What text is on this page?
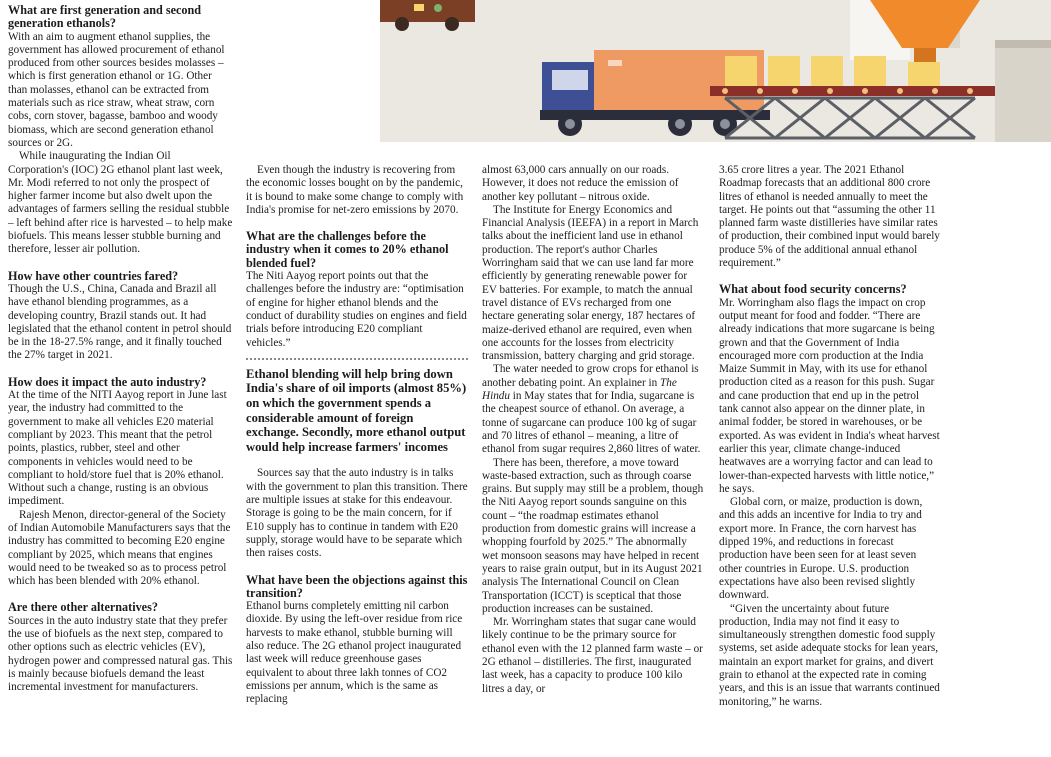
What are first generation and second generation ethanols?

With an aim to augment ethanol supplies, the government has allowed procurement of ethanol produced from other sources besides molasses – which is first generation ethanol or 1G. Other than molasses, ethanol can be extracted from materials such as rice straw, wheat straw, corn cobs, corn stover, bagasse, bamboo and woody biomass, which are second generation ethanol sources or 2G.

While inaugurating the Indian Oil Corporation's (IOC) 2G ethanol plant last week, Mr. Modi referred to not only the prospect of higher farmer income but also dwelt upon the advantages of farmers selling the residual stubble – left behind after rice is harvested – to help make biofuels. This means lesser stubble burning and therefore, lesser air pollution.

How have other countries fared?

Though the U.S., China, Canada and Brazil all have ethanol blending programmes, as a developing country, Brazil stands out. It had legislated that the ethanol content in petrol should be in the 18-27.5% range, and it finally touched the 27% target in 2021.

How does it impact the auto industry?

At the time of the NITI Aayog report in June last year, the industry had committed to the government to make all vehicles E20 material compliant by 2023. This meant that the petrol points, plastics, rubber, steel and other components in vehicles would need to be compliant to hold/store fuel that is 20% ethanol. Without such a change, rusting is an obvious impediment.

Rajesh Menon, director-general of the Society of Indian Automobile Manufacturers says that the industry has committed to becoming E20 engine compliant by 2025, which means that engines would need to be tweaked so as to process petrol which has been blended with 20% ethanol.

Are there other alternatives?

Sources in the auto industry state that they prefer the use of biofuels as the next step, compared to other options such as electric vehicles (EV), hydrogen power and compressed natural gas. This is mainly because biofuels demand the least incremental investment for manufacturers.

Even though the industry is recovering from the economic losses bought on by the pandemic, it is bound to make some change to comply with India's promise for net-zero emissions by 2070.

What are the challenges before the industry when it comes to 20% ethanol blended fuel?

The Niti Aayog report points out that the challenges before the industry are: “optimisation of engine for higher ethanol blends and the conduct of durability studies on engines and field trials before introducing E20 compliant vehicles.”

Ethanol blending will help bring down India's share of oil imports (almost 85%) on which the government spends a considerable amount of foreign exchange. Secondly, more ethanol output would help increase farmers' incomes

Sources say that the auto industry is in talks with the government to plan this transition. There are multiple issues at stake for this endeavour. Storage is going to be the main concern, for if E10 supply has to continue in tandem with E20 supply, storage would have to be separate which then raises costs.

What have been the objections against this transition?

Ethanol burns completely emitting nil carbon dioxide. By using the left-over residue from rice harvests to make ethanol, stubble burning will also reduce. The 2G ethanol project inaugurated last week will reduce greenhouse gases equivalent to about three lakh tonnes of CO2 emissions per annum, which is the same as replacing

almost 63,000 cars annually on our roads. However, it does not reduce the emission of another key pollutant – nitrous oxide.

The Institute for Energy Economics and Financial Analysis (IEEFA) in a report in March talks about the inefficient land use in ethanol production. The report's author Charles Worringham said that we can use land far more efficiently by generating renewable power for EV batteries. For example, to match the annual travel distance of EVs recharged from one hectare generating solar energy, 187 hectares of maize-derived ethanol are required, even when one accounts for the losses from electricity transmission, battery charging and grid storage.

The water needed to grow crops for ethanol is another debating point. An explainer in The Hindu in May states that for India, sugarcane is the cheapest source of ethanol. On average, a tonne of sugarcane can produce 100 kg of sugar and 70 litres of ethanol – meaning, a litre of ethanol from sugar requires 2,860 litres of water.

There has been, therefore, a move toward waste-based extraction, such as through coarse grains. But supply may still be a problem, though the Niti Aayog report sounds sanguine on this count – “the roadmap estimates ethanol production from domestic grains will increase a whopping fourfold by 2025.” The abnormally wet monsoon seasons may have helped in recent years to raise grain output, but in its August 2021 analysis The International Council on Clean Transportation (ICCT) is sceptical that those production increases can be sustained.

Mr. Worringham states that sugar cane would likely continue to be the primary source for ethanol even with the 12 planned farm waste – or 2G ethanol – distilleries. The first, inaugurated last week, has a capacity to produce 100 kilo litres a day, or

3.65 crore litres a year. The 2021 Ethanol Roadmap forecasts that an additional 800 crore litres of ethanol is needed annually to meet the target. He points out that “assuming the other 11 planned farm waste distilleries have similar rates of production, their combined input would barely produce 5% of the additional annual ethanol requirement.”

What about food security concerns?

Mr. Worringham also flags the impact on crop output meant for food and fodder. “There are already indications that more sugarcane is being grown and that the Government of India encouraged more corn production at the India Maize Summit in May, with its use for ethanol production cited as a reason for this push. Sugar and cane production that end up in the petrol tank cannot also appear on the dinner plate, in animal fodder, be stored in warehouses, or be exported. As was evident in India's wheat harvest earlier this year, climate change-induced heatwaves are a worrying factor and can lead to lower-than-expected harvests with little notice,” he says.

Global corn, or maize, production is down, and this adds an incentive for India to try and export more. In France, the corn harvest has dipped 19%, and reductions in forecast production have been seen for at least seven other countries in Europe. U.S. production expectations have also been revised slightly downward.

“Given the uncertainty about future production, India may not find it easy to simultaneously strengthen domestic food supply systems, set aside adequate stocks for lean years, maintain an export market for grains, and divert grain to ethanol at the expected rate in coming years, and this is an issue that warrants continued monitoring,” he warns.
